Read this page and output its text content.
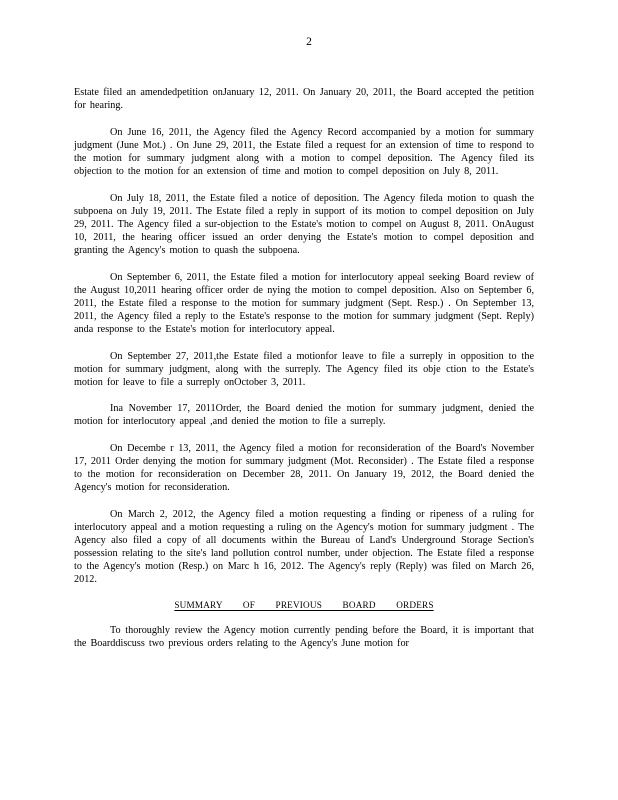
2

Estate filed an amendedpetition onJanuary 12, 2011. On January 20, 2011, the Board accepted the petition for hearing.

On June 16, 2011, the Agency filed the Agency Record accompanied by a motion for summary judgment (June Mot.) . On June 29, 2011, the Estate filed a request for an extension of time to respond to the motion for summary judgment along with a motion to compel deposition. The Agency filed its objection to the motion for an extension of time and motion to compel deposition on July 8, 2011.

On July 18, 2011, the Estate filed a notice of deposition. The Agency fileda motion to quash the subpoena on July 19, 2011. The Estate filed a reply in support of its motion to compel deposition on July 29, 2011. The Agency filed a sur-objection to the Estate's motion to compel on August 8, 2011. OnAugust 10, 2011, the hearing officer issued an order denying the Estate's motion to compel deposition and granting the Agency's motion to quash the subpoena.

On September 6, 2011, the Estate filed a motion for interlocutory appeal seeking Board review of the August 10,2011 hearing officer order de nying the motion to compel deposition. Also on September 6, 2011, the Estate filed a response to the motion for summary judgment (Sept. Resp.) . On September 13, 2011, the Agency filed a reply to the Estate's response to the motion for summary judgment (Sept. Reply) anda response to the Estate's motion for interlocutory appeal.

On September 27, 2011,the Estate filed a motionfor leave to file a surreply in opposition to the motion for summary judgment, along with the surreply. The Agency filed its obje ction to the Estate's motion for leave to file a surreply onOctober 3, 2011.

Ina November 17, 2011Order, the Board denied the motion for summary judgment, denied the motion for interlocutory appeal ,and denied the motion to file a surreply.

On Decembe r 13, 2011, the Agency filed a motion for reconsideration of the Board's November 17, 2011 Order denying the motion for summary judgment (Mot. Reconsider) . The Estate filed a response to the motion for reconsideration on December 28, 2011. On January 19, 2012, the Board denied the Agency's motion for reconsideration.

On March 2, 2012, the Agency filed a motion requesting a finding or ripeness of a ruling for interlocutory appeal and a motion requesting a ruling on the Agency's motion for summary judgment . The Agency also filed a copy of all documents within the Bureau of Land's Underground Storage Section's possession relating to the site's land pollution control number, under objection. The Estate filed a response to the Agency's motion (Resp.) on Marc h 16, 2012. The Agency's reply (Reply) was filed on March 26, 2012.

SUMMARY OF PREVIOUS BOARD ORDERS

To thoroughly review the Agency motion currently pending before the Board, it is important that the Boarddiscuss two previous orders relating to the Agency's June motion for
